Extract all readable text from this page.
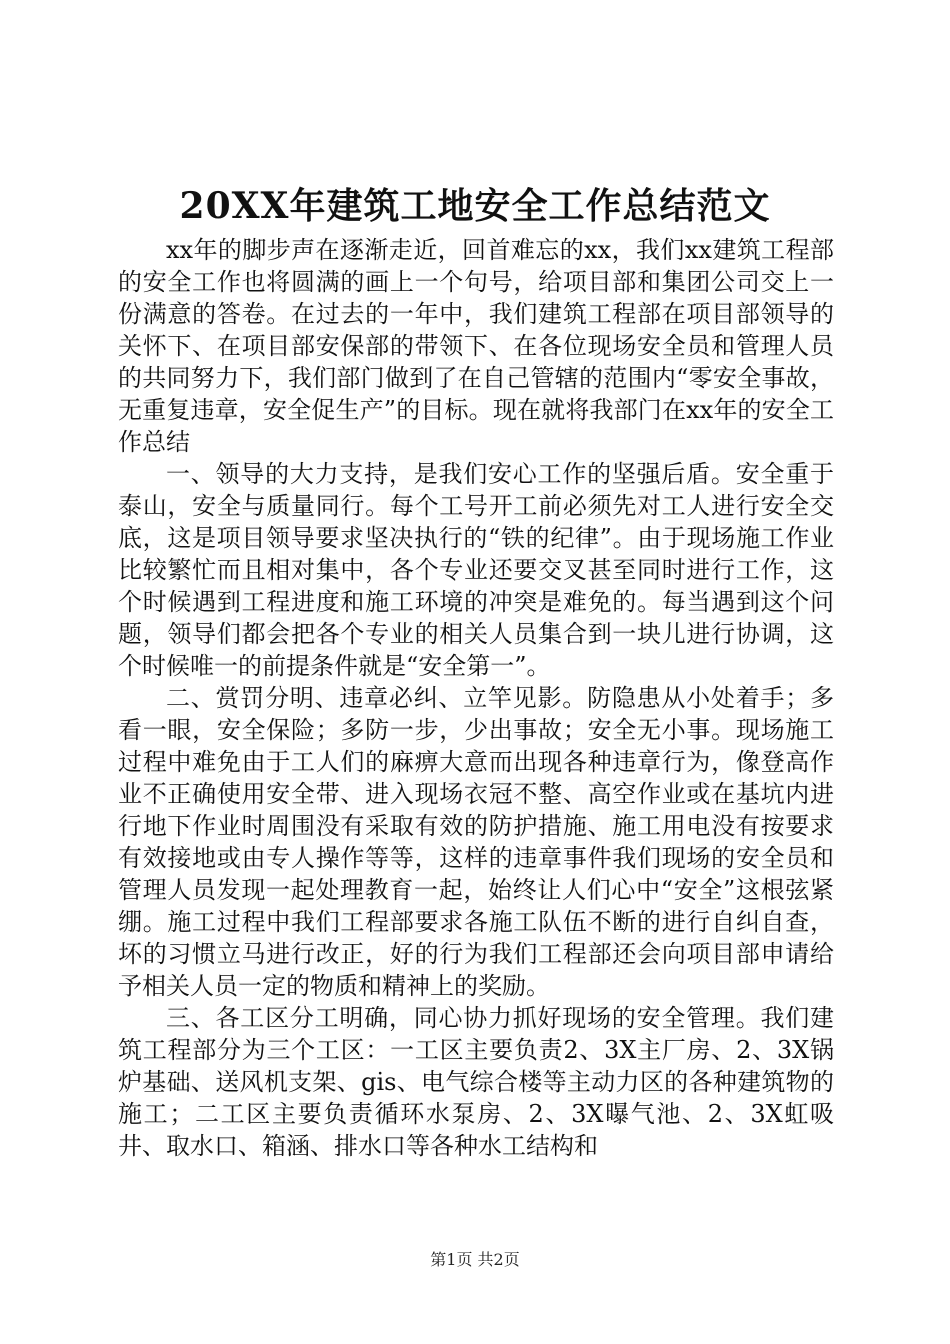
20XX年建筑工地安全工作总结范文

xx年的脚步声在逐渐走近，回首难忘的xx，我们xx建筑工程部的安全工作也将圆满的画上一个句号，给项目部和集团公司交上一份满意的答卷。在过去的一年中，我们建筑工程部在项目部领导的关怀下、在项目部安保部的带领下、在各位现场安全员和管理人员的共同努力下，我们部门做到了在自己管辖的范围内“零安全事故，无重复违章，安全促生产”的目标。现在就将我部门在xx年的安全工作总结

一、领导的大力支持，是我们安心工作的坚强后盾。安全重于泰山，安全与质量同行。每个工号开工前必须先对工人进行安全交底，这是项目领导要求坚决执行的“铁的纪律”。由于现场施工作业比较繁忙而且相对集中，各个专业还要交叉甚至同时进行工作，这个时候遇到工程进度和施工环境的冲突是难免的。每当遇到这个问题，领导们都会把各个专业的相关人员集合到一块儿进行协调，这个时候唯一的前提条件就是“安全第一”。

二、赏罚分明、违章必纠、立竿见影。防隐患从小处着手；多看一眼，安全保险；多防一步，少出事故；安全无小事。现场施工过程中难免由于工人们的麻痹大意而出现各种违章行为，像登高作业不正确使用安全带、进入现场衣冠不整、高空作业或在基坑内进行地下作业时周围没有采取有效的防护措施、施工用电没有按要求有效接地或由专人操作等等，这样的违章事件我们现场的安全员和管理人员发现一起处理教育一起，始终让人们心中“安全”这根弦紧绷。施工过程中我们工程部要求各施工队伍不断的进行自纠自查，坏的习惯立马进行改正，好的行为我们工程部还会向项目部申请给予相关人员一定的物质和精神上的奖励。

三、各工区分工明确，同心协力抓好现场的安全管理。我们建筑工程部分为三个工区：一工区主要负责2、3X主厂房、2、3X锅炉基础、送风机支架、gis、电气综合楼等主动力区的各种建筑物的施工；二工区主要负责循环水泵房、2、3X曝气池、2、3X虹吸井、取水口、箱涵、排水口等各种水工结构和

第1页 共2页
